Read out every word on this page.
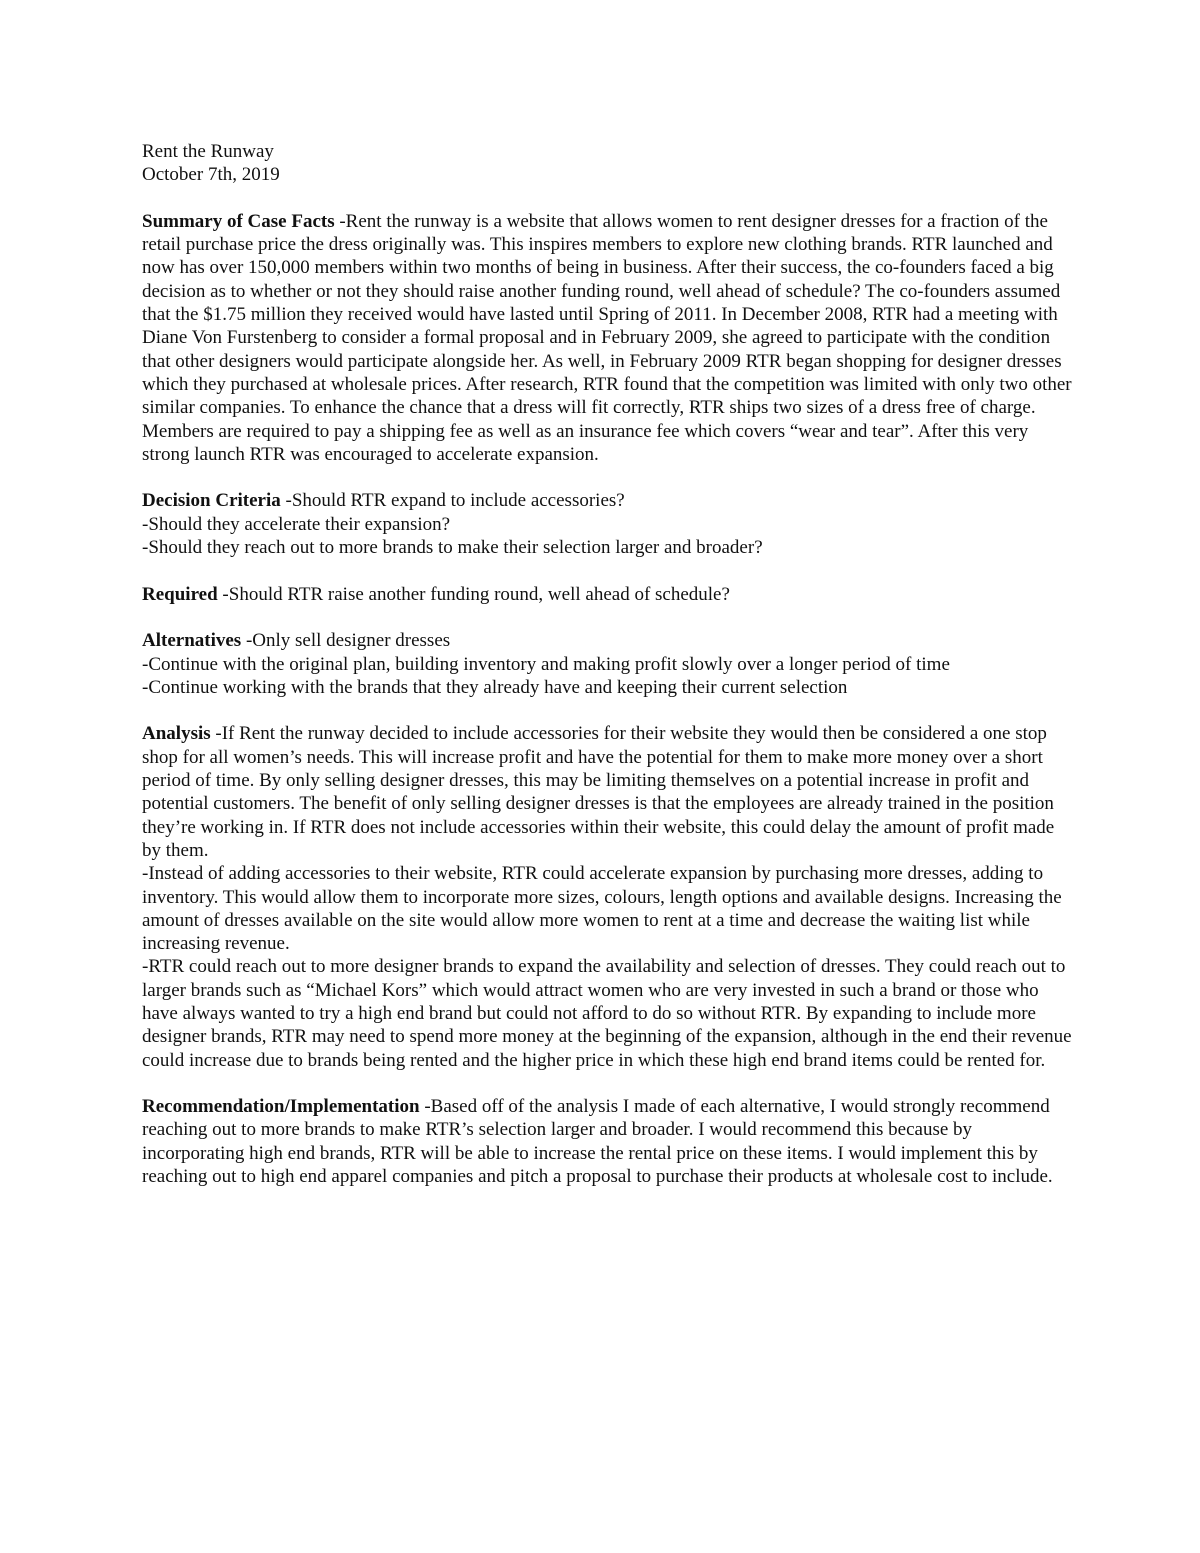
Rent the Runway

October 7th, 2019

Summary of Case Facts -Rent the runway is a website that allows women to rent designer dresses for a fraction of the retail purchase price the dress originally was. This inspires members to explore new clothing brands. RTR launched and now has over 150,000 members within two months of being in business. After their success, the co-founders faced a big decision as to whether or not they should raise another funding round, well ahead of schedule? The co-founders assumed that the $1.75 million they received would have lasted until Spring of 2011. In December 2008, RTR had a meeting with Diane Von Furstenberg to consider a formal proposal and in February 2009, she agreed to participate with the condition that other designers would participate alongside her. As well, in February 2009 RTR began shopping for designer dresses which they purchased at wholesale prices. After research, RTR found that the competition was limited with only two other similar companies. To enhance the chance that a dress will fit correctly, RTR ships two sizes of a dress free of charge. Members are required to pay a shipping fee as well as an insurance fee which covers “wear and tear”. After this very strong launch RTR was encouraged to accelerate expansion.

Decision Criteria -Should RTR expand to include accessories?

-Should they accelerate their expansion?

-Should they reach out to more brands to make their selection larger and broader?

Required -Should RTR raise another funding round, well ahead of schedule?

Alternatives -Only sell designer dresses

-Continue with the original plan, building inventory and making profit slowly over a longer period of time

-Continue working with the brands that they already have and keeping their current selection

Analysis -If Rent the runway decided to include accessories for their website they would then be considered a one stop shop for all women’s needs. This will increase profit and have the potential for them to make more money over a short period of time. By only selling designer dresses, this may be limiting themselves on a potential increase in profit and potential customers. The benefit of only selling designer dresses is that the employees are already trained in the position they’re working in. If RTR does not include accessories within their website, this could delay the amount of profit made by them.

-Instead of adding accessories to their website, RTR could accelerate expansion by purchasing more dresses, adding to inventory. This would allow them to incorporate more sizes, colours, length options and available designs. Increasing the amount of dresses available on the site would allow more women to rent at a time and decrease the waiting list while increasing revenue.

-RTR could reach out to more designer brands to expand the availability and selection of dresses. They could reach out to larger brands such as “Michael Kors” which would attract women who are very invested in such a brand or those who have always wanted to try a high end brand but could not afford to do so without RTR. By expanding to include more designer brands, RTR may need to spend more money at the beginning of the expansion, although in the end their revenue could increase due to brands being rented and the higher price in which these high end brand items could be rented for.

Recommendation/Implementation -Based off of the analysis I made of each alternative, I would strongly recommend reaching out to more brands to make RTR’s selection larger and broader. I would recommend this because by incorporating high end brands, RTR will be able to increase the rental price on these items. I would implement this by reaching out to high end apparel companies and pitch a proposal to purchase their products at wholesale cost to include.
